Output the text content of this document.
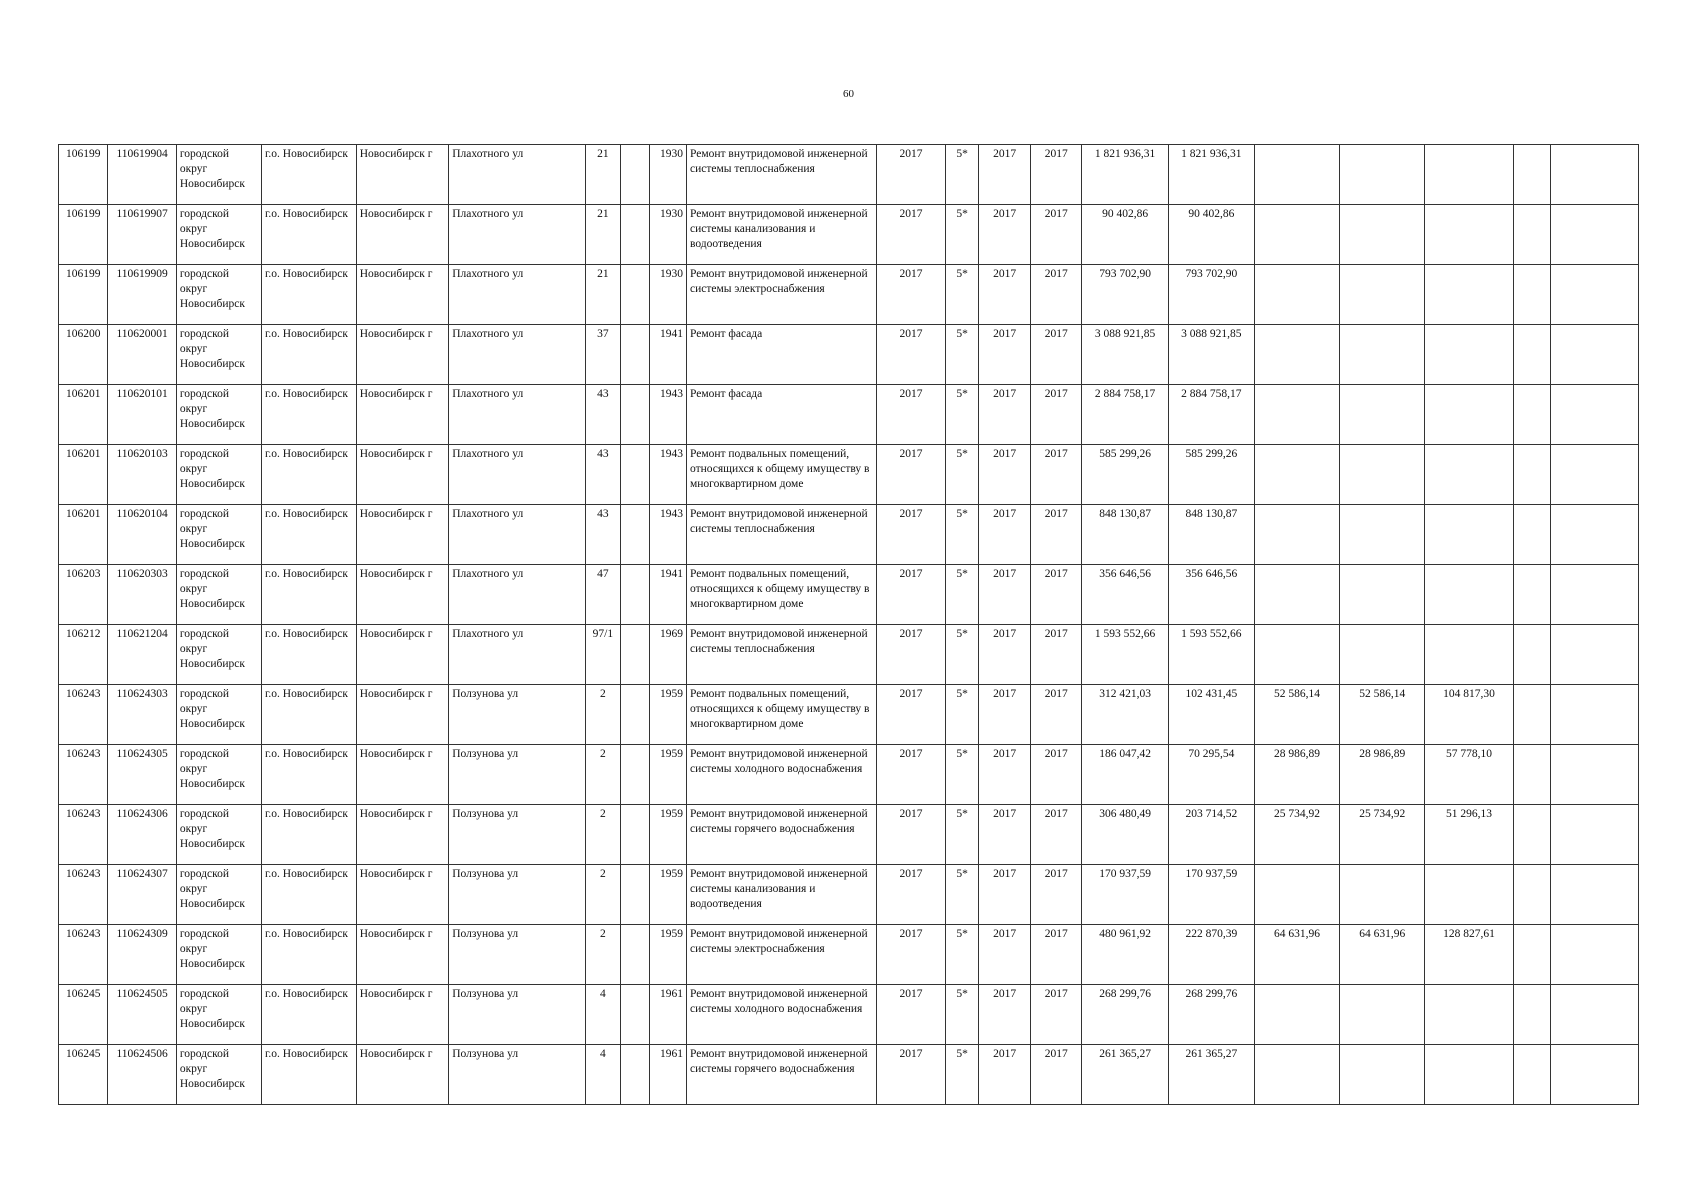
60
106199	110619904	городской округ Новосибирск	г.о. Новосибирск	Новосибирск г	Плахотного ул	21		1930	Ремонт внутридомовой инженерной системы теплоснабжения	2017	5*	2017	2017	1 821 936,31	1 821 936,31					
106199	110619907	городской округ Новосибирск	г.о. Новосибирск	Новосибирск г	Плахотного ул	21		1930	Ремонт внутридомовой инженерной системы канализования и водоотведения	2017	5*	2017	2017	90 402,86	90 402,86					
106199	110619909	городской округ Новосибирск	г.о. Новосибирск	Новосибирск г	Плахотного ул	21		1930	Ремонт внутридомовой инженерной системы электроснабжения	2017	5*	2017	2017	793 702,90	793 702,90					
106200	110620001	городской округ Новосибирск	г.о. Новосибирск	Новосибирск г	Плахотного ул	37		1941	Ремонт фасада	2017	5*	2017	2017	3 088 921,85	3 088 921,85					
106201	110620101	городской округ Новосибирск	г.о. Новосибирск	Новосибирск г	Плахотного ул	43		1943	Ремонт фасада	2017	5*	2017	2017	2 884 758,17	2 884 758,17					
106201	110620103	городской округ Новосибирск	г.о. Новосибирск	Новосибирск г	Плахотного ул	43		1943	Ремонт подвальных помещений, относящихся к общему имуществу в многоквартирном доме	2017	5*	2017	2017	585 299,26	585 299,26					
106201	110620104	городской округ Новосибирск	г.о. Новосибирск	Новосибирск г	Плахотного ул	43		1943	Ремонт внутридомовой инженерной системы теплоснабжения	2017	5*	2017	2017	848 130,87	848 130,87					
106203	110620303	городской округ Новосибирск	г.о. Новосибирск	Новосибирск г	Плахотного ул	47		1941	Ремонт подвальных помещений, относящихся к общему имуществу в многоквартирном доме	2017	5*	2017	2017	356 646,56	356 646,56					
106212	110621204	городской округ Новосибирск	г.о. Новосибирск	Новосибирск г	Плахотного ул	97/1		1969	Ремонт внутридомовой инженерной системы теплоснабжения	2017	5*	2017	2017	1 593 552,66	1 593 552,66					
106243	110624303	городской округ Новосибирск	г.о. Новосибирск	Новосибирск г	Ползунова ул	2		1959	Ремонт подвальных помещений, относящихся к общему имуществу в многоквартирном доме	2017	5*	2017	2017	312 421,03	102 431,45	52 586,14	52 586,14	104 817,30		
106243	110624305	городской округ Новосибирск	г.о. Новосибирск	Новосибирск г	Ползунова ул	2		1959	Ремонт внутридомовой инженерной системы холодного водоснабжения	2017	5*	2017	2017	186 047,42	70 295,54	28 986,89	28 986,89	57 778,10		
106243	110624306	городской округ Новосибирск	г.о. Новосибирск	Новосибирск г	Ползунова ул	2		1959	Ремонт внутридомовой инженерной системы горячего водоснабжения	2017	5*	2017	2017	306 480,49	203 714,52	25 734,92	25 734,92	51 296,13		
106243	110624307	городской округ Новосибирск	г.о. Новосибирск	Новосибирск г	Ползунова ул	2		1959	Ремонт внутридомовой инженерной системы канализования и водоотведения	2017	5*	2017	2017	170 937,59	170 937,59					
106243	110624309	городской округ Новосибирск	г.о. Новосибирск	Новосибирск г	Ползунова ул	2		1959	Ремонт внутридомовой инженерной системы электроснабжения	2017	5*	2017	2017	480 961,92	222 870,39	64 631,96	64 631,96	128 827,61		
106245	110624505	городской округ Новосибирск	г.о. Новосибирск	Новосибирск г	Ползунова ул	4		1961	Ремонт внутридомовой инженерной системы холодного водоснабжения	2017	5*	2017	2017	268 299,76	268 299,76					
106245	110624506	городской округ Новосибирск	г.о. Новосибирск	Новосибирск г	Ползунова ул	4		1961	Ремонт внутридомовой инженерной системы горячего водоснабжения	2017	5*	2017	2017	261 365,27	261 365,27					
